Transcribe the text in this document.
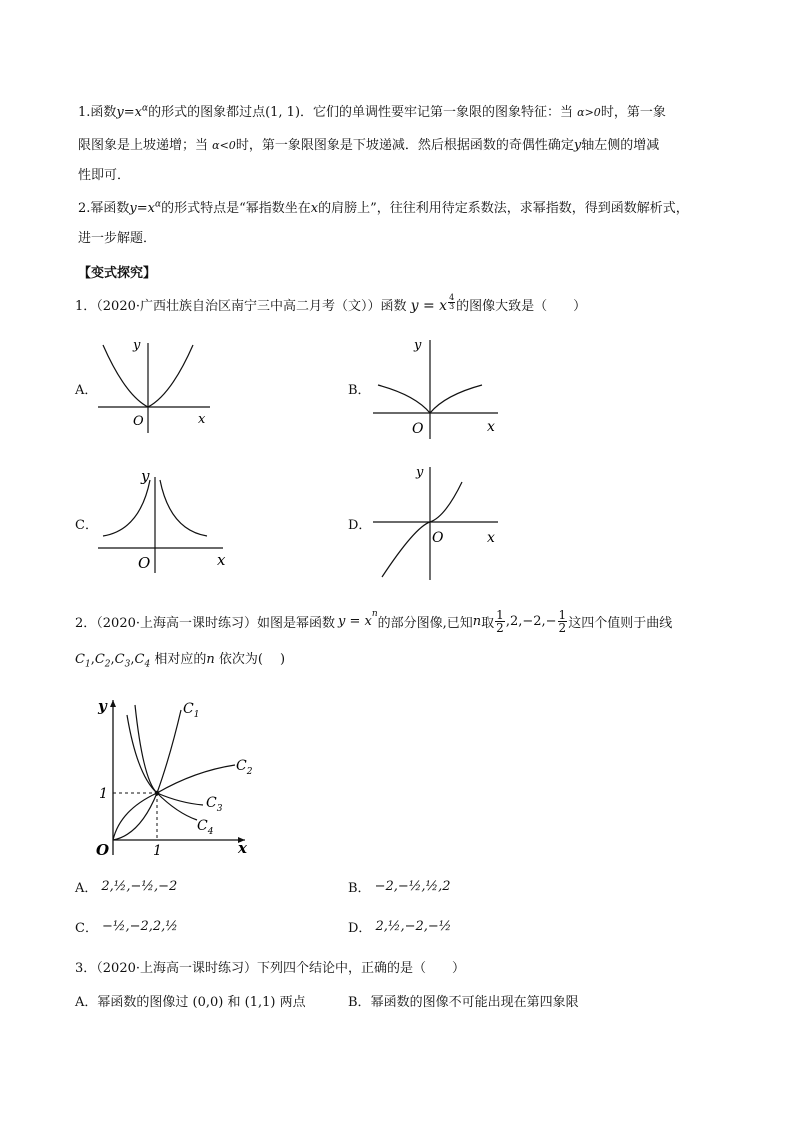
1.函数$y=x^\alpha$的形式的图象都过点(1, 1)．它们的单调性要牢记第一象限的图象特征：当 α>0时，第一象
限图象是上坡递增；当 α<0时，第一象限图象是下坡递减．然后根据函数的奇偶性确定y轴左侧的增减
性即可．
2.幂函数$y=x^\alpha$的形式特点是“幂指数坐在x的肩膀上”，往往利用待定系数法，求幂指数，得到函数解析式，
进一步解题．
【变式探究】
1．（2020·广西壮族自治区南宁三中高二月考（文））函数 y = x $\frac{4}{3}$ 的图像大致是（　　）
A．
y
x
O
B．
y
x
O
C．
y
x
O
D．
y
x
O
2．（2020·上海高一课时练习）如图是幂函数 $y = x^n$
的部分图像,已知 n 取 $\frac{1}{2} ,2,-2,- \frac{1}{2}$ 这四个值则于曲线
$C_1,C_2,C_3,C_4$ 相对应的n 依次为(　 )
y
x
O	1
1
$C_1$
$C_2$
$C_3$
$C_4$
A． 2,½,−½,−2	B． −2,−½,½,2
C． −½,−2,2,½	D． 2,½,−2,−½
3．（2020·上海高一课时练习）下列四个结论中，正确的是（　　）
A．幂函数的图像过 (0,0) 和 (1,1) 两点	B．幂函数的图像不可能出现在第四象限
